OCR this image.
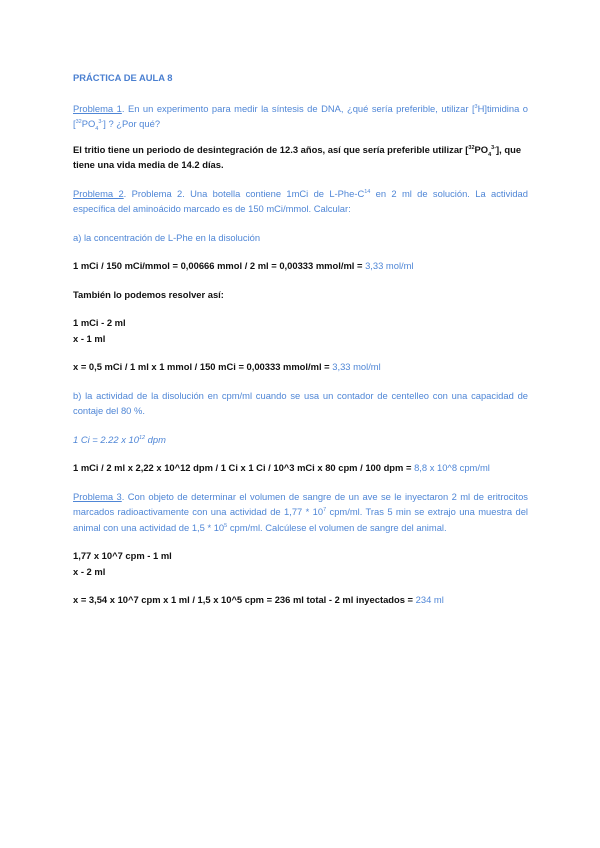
PRÁCTICA DE AULA 8

Problema 1. En un experimento para medir la síntesis de DNA, ¿qué sería preferible, utilizar [$^3$H]timidina o $[^{32}PO_4^{3-}]$ ? ¿Por qué?

El tritio tiene un periodo de desintegración de 12.3 años, así que sería preferible utilizar $[^{32}PO_4^{3-}]$, que tiene una vida media de 14.2 días.

Problema 2. Problema 2. Una botella contiene 1mCi de $L-Phe-C^{14}$ en 2 ml de solución. La actividad específica del aminoácido marcado es de 150 mCi/mmol. Calcular:

a) la concentración de L-Phe en la disolución

1 mCi / 150 mCi/mmol = 0,00666 mmol / 2 ml = 0,00333 mmol/ml = 3,33 mol/ml

También lo podemos resolver así:

1 mCi - 2 ml

x - 1 ml

x = 0,5 mCi / 1 ml x 1 mmol / 150 mCi = 0,00333 mmol/ml = 3,33 mol/ml

b) la actividad de la disolución en cpm/ml cuando se usa un contador de centelleo con una capacidad de contaje del 80 %.

1 Ci = 2.22 x $10^{12}$ dpm

1 mCi / 2 ml x 2,22 x 10^12 dpm / 1 Ci x 1 Ci / 10^3 mCi x 80 cpm / 100 dpm = 8,8 x 10^8 cpm/ml

Problema 3. Con objeto de determinar el volumen de sangre de un ave se le inyectaron 2 ml de eritrocitos marcados radioactivamente con una actividad de $1,77 * 10^7$ cpm/ml. Tras 5 min se extrajo una muestra del animal con una actividad de $1,5 * 10^5$ cpm/ml. Calcúlese el volumen de sangre del animal.

1,77 x 10^7 cpm - 1 ml

x - 2 ml

x = 3,54 x 10^7 cpm x 1 ml / 1,5 x 10^5 cpm = 236 ml total - 2 ml inyectados = 234 ml
